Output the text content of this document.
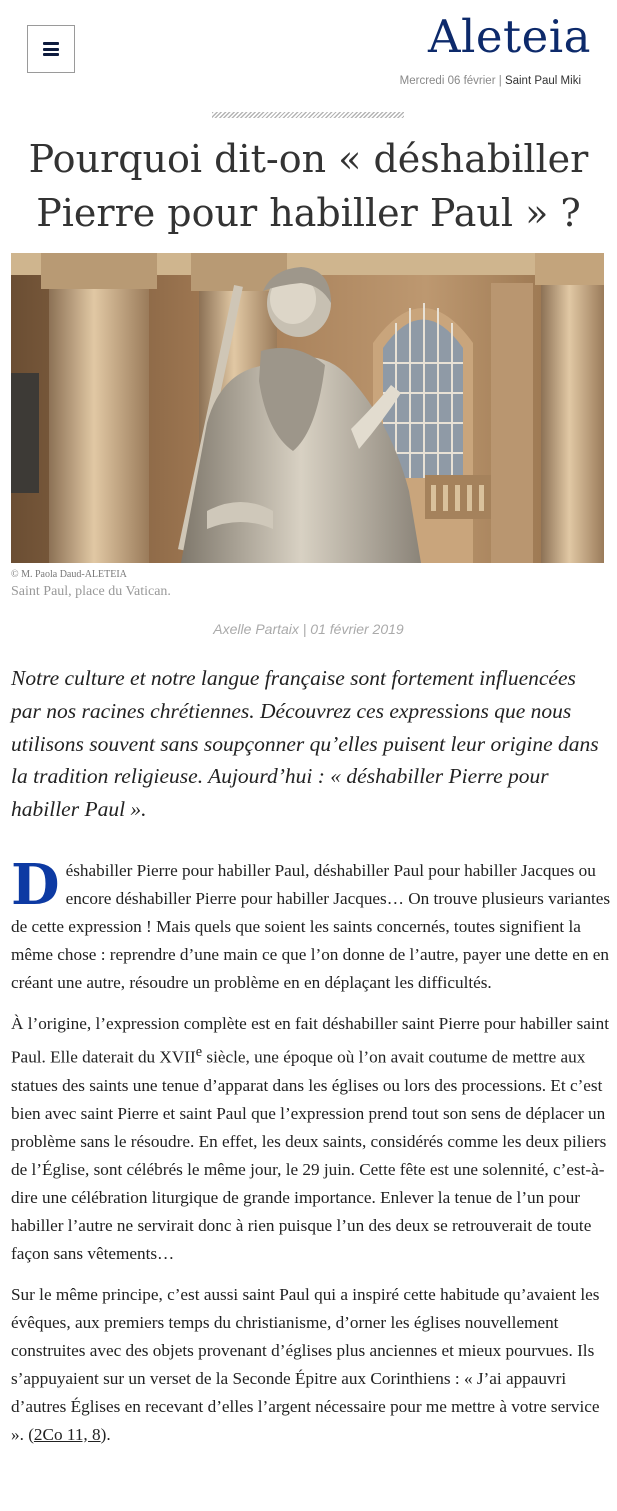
Aleteia
Mercredi 06 février | Saint Paul Miki
Pourquoi dit-on « déshabiller Pierre pour habiller Paul » ?
© M. Paola Daud-ALETEIA
Saint Paul, place du Vatican.
Axelle Partaix | 01 février 2019

Notre culture et notre langue française sont fortement influencées par nos racines chrétiennes. Découvrez ces expressions que nous utilisons souvent sans soupçonner qu’elles puisent leur origine dans la tradition religieuse. Aujourd’hui : « déshabiller Pierre pour habiller Paul ».

Déshabiller Pierre pour habiller Paul, déshabiller Paul pour habiller Jacques ou encore déshabiller Pierre pour habiller Jacques… On trouve plusieurs variantes de cette expression ! Mais quels que soient les saints concernés, toutes signifient la même chose : reprendre d’une main ce que l’on donne de l’autre, payer une dette en en créant une autre, résoudre un problème en en déplaçant les difficultés.

À l’origine, l’expression complète est en fait déshabiller saint Pierre pour habiller saint Paul. Elle daterait du XVIIe siècle, une époque où l’on avait coutume de mettre aux statues des saints une tenue d’apparat dans les églises ou lors des processions. Et c’est bien avec saint Pierre et saint Paul que l’expression prend tout son sens de déplacer un problème sans le résoudre. En effet, les deux saints, considérés comme les deux piliers de l’Église, sont célébrés le même jour, le 29 juin. Cette fête est une solennité, c’est-à-dire une célébration liturgique de grande importance. Enlever la tenue de l’un pour habiller l’autre ne servirait donc à rien puisque l’un des deux se retrouverait de toute façon sans vêtements…

Sur le même principe, c’est aussi saint Paul qui a inspiré cette habitude qu’avaient les évêques, aux premiers temps du christianisme, d’orner les églises nouvellement construites avec des objets provenant d’églises plus anciennes et mieux pourvues. Ils s’appuyaient sur un verset de la Seconde Épitre aux Corinthiens : « J’ai appauvri d’autres Églises en recevant d’elles l’argent nécessaire pour me mettre à votre service ». (2Co 11, 8).
